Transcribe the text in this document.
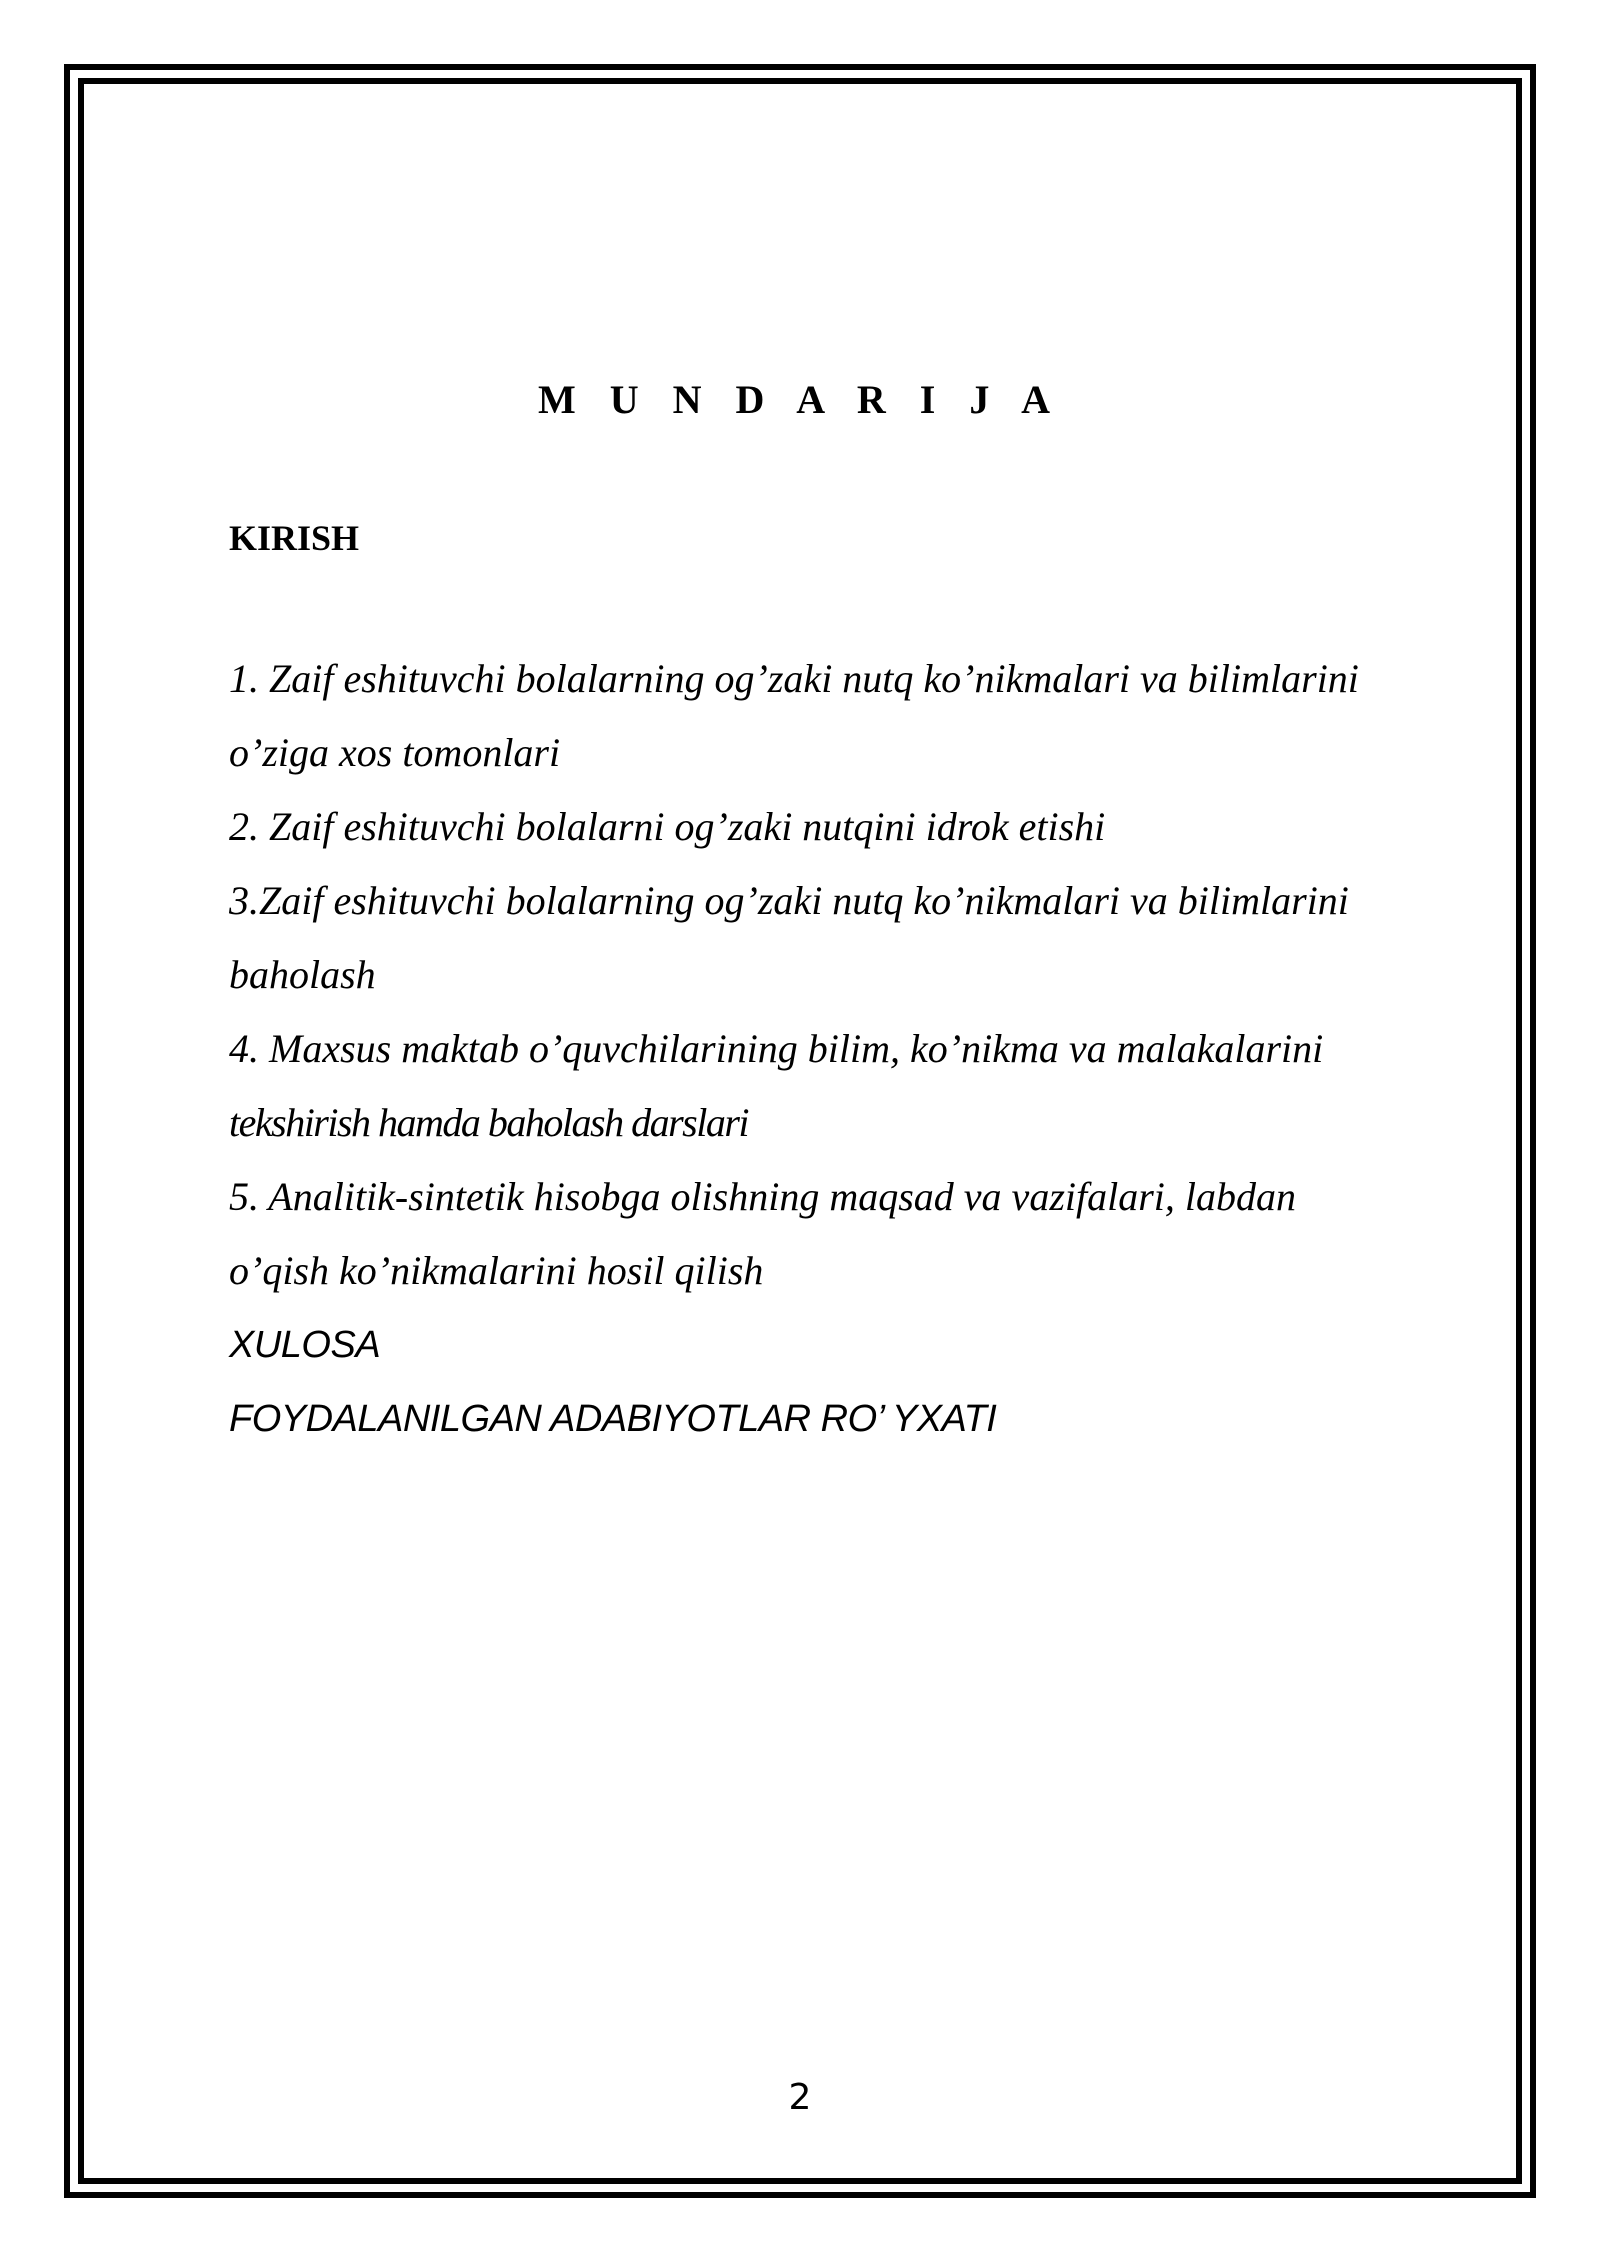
M U N D A R I J A

KIRISH

1. Zaif eshituvchi bolalarning og’zaki nutq ko’nikmalari va bilimlarini
o’ziga xos tomonlari
2. Zaif eshituvchi bolalarni og’zaki nutqini idrok etishi
3.Zaif eshituvchi bolalarning og’zaki nutq ko’nikmalari va bilimlarini
baholash
4. Maxsus maktab o’quvchilarining bilim, ko’nikma va malakalarini
tekshirish hamda baholash darslari
5. Analitik-sintetik hisobga olishning maqsad va vazifalari, labdan
o’qish ko’nikmalarini hosil qilish
XULOSA
FOYDALANILGAN ADABIYOTLAR RO’ YXATI

2
